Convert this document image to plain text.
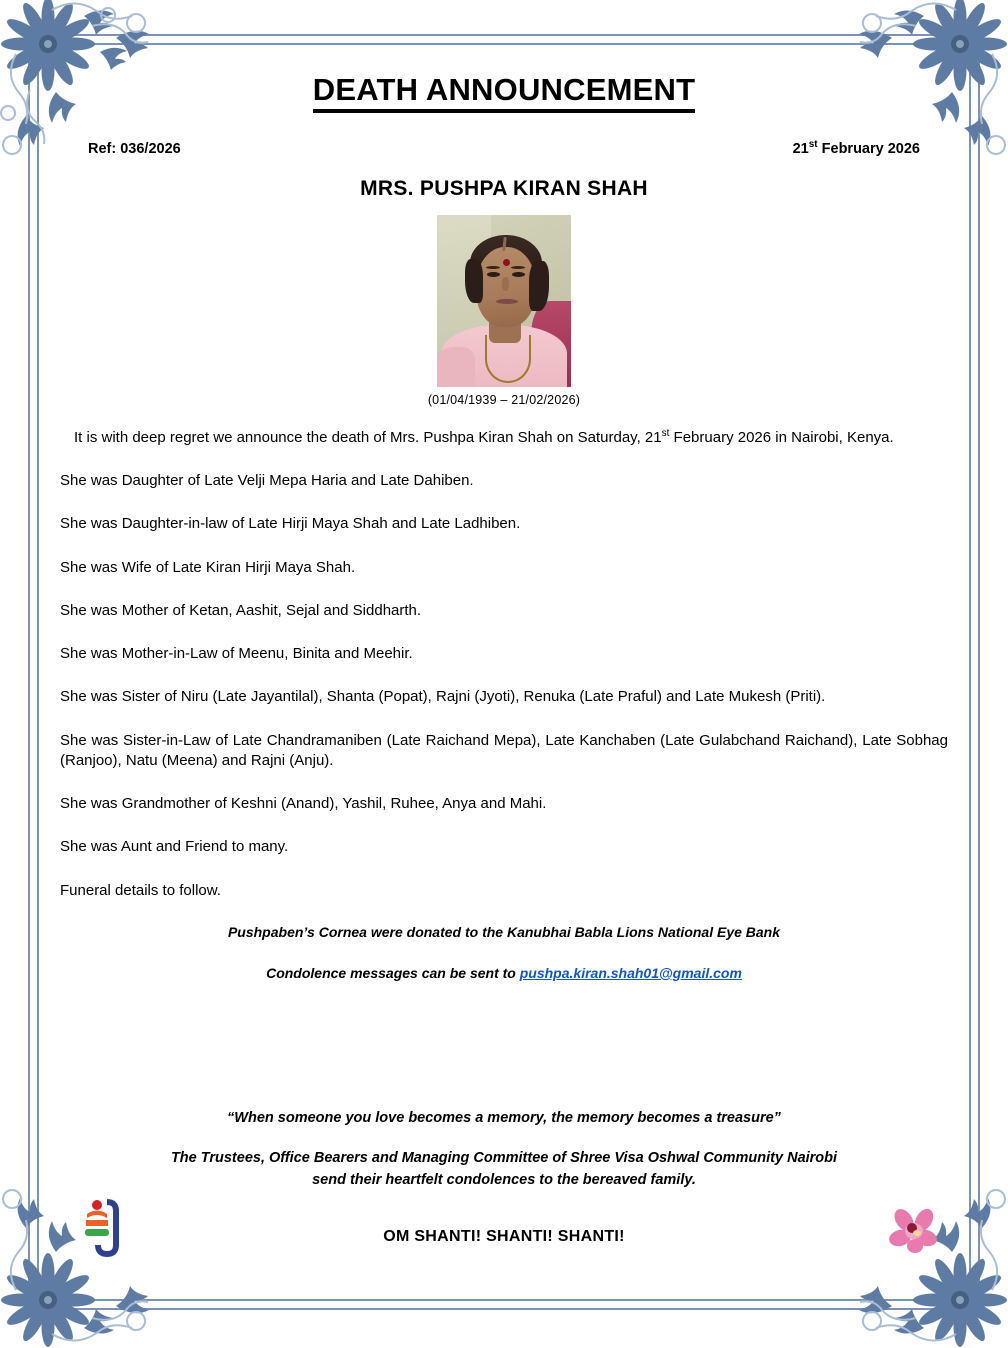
DEATH ANNOUNCEMENT
Ref: 036/2026	21st February 2026
MRS. PUSHPA KIRAN SHAH
(01/04/1939 – 21/02/2026)

It is with deep regret we announce the death of Mrs. Pushpa Kiran Shah on Saturday, 21st February 2026 in Nairobi, Kenya.

She was Daughter of Late Velji Mepa Haria and Late Dahiben.

She was Daughter-in-law of Late Hirji Maya Shah and Late Ladhiben.

She was Wife of Late Kiran Hirji Maya Shah.

She was Mother of Ketan, Aashit, Sejal and Siddharth.

She was Mother-in-Law of Meenu, Binita and Meehir.

She was Sister of Niru (Late Jayantilal), Shanta (Popat), Rajni (Jyoti), Renuka (Late Praful) and Late Mukesh (Priti).

She was Sister-in-Law of Late Chandramaniben (Late Raichand Mepa), Late Kanchaben (Late Gulabchand Raichand), Late Sobhag (Ranjoo), Natu (Meena) and Rajni (Anju).

She was Grandmother of Keshni (Anand), Yashil, Ruhee, Anya and Mahi.

She was Aunt and Friend to many.

Funeral details to follow.

Pushpaben’s Cornea were donated to the Kanubhai Babla Lions National Eye Bank
Condolence messages can be sent to pushpa.kiran.shah01@gmail.com
“When someone you love becomes a memory, the memory becomes a treasure”
The Trustees, Office Bearers and Managing Committee of Shree Visa Oshwal Community Nairobi
send their heartfelt condolences to the bereaved family.
OM SHANTI! SHANTI! SHANTI!
